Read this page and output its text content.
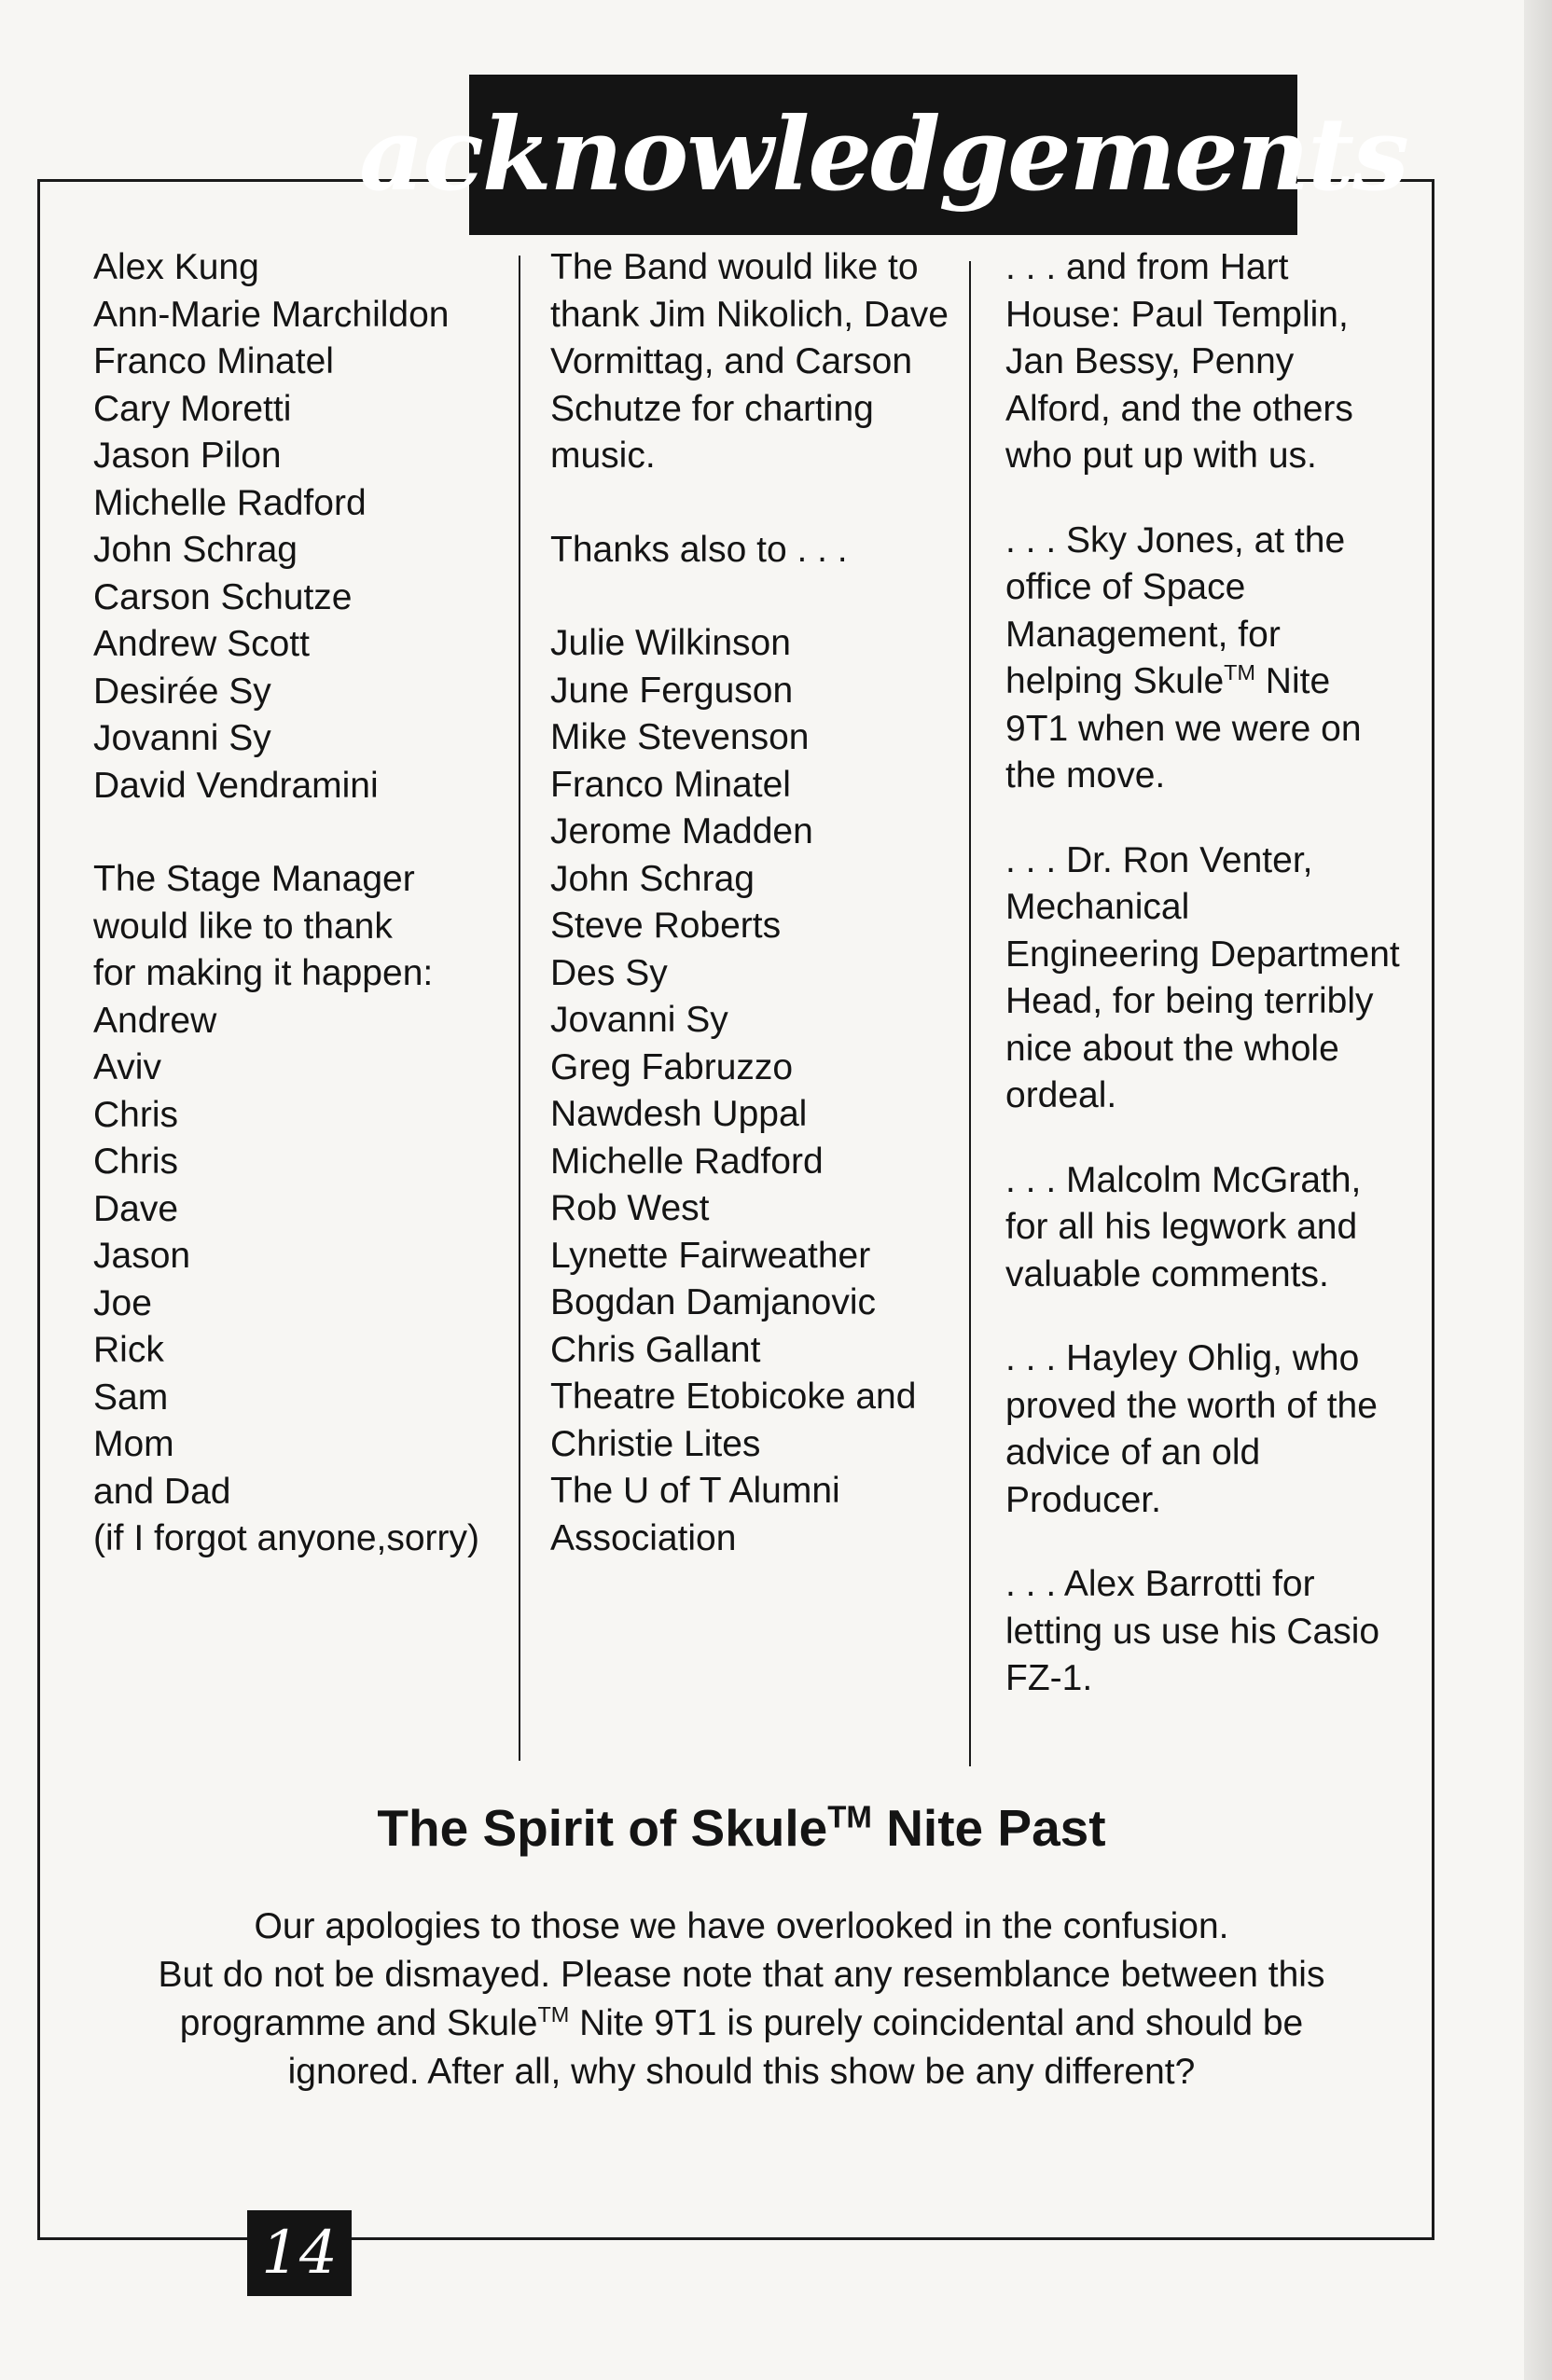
acknowledgements
Alex Kung
Ann-Marie Marchildon
Franco Minatel
Cary Moretti
Jason Pilon
Michelle Radford
John Schrag
Carson Schutze
Andrew Scott
Desirée Sy
Jovanni Sy
David Vendramini
The Stage Manager
would like to thank
for making it happen:
Andrew
Aviv
Chris
Chris
Dave
Jason
Joe
Rick
Sam
Mom
and Dad
(if I forgot anyone,sorry)
The Band would like to
thank Jim Nikolich, Dave
Vormittag, and Carson
Schutze for charting
music.
Thanks also to . . .
Julie Wilkinson
June Ferguson
Mike Stevenson
Franco Minatel
Jerome Madden
John Schrag
Steve Roberts
Des Sy
Jovanni Sy
Greg Fabruzzo
Nawdesh Uppal
Michelle Radford
Rob West
Lynette Fairweather
Bogdan Damjanovic
Chris Gallant
Theatre Etobicoke and
Christie Lites
The U of T Alumni
Association
. . . and from Hart
House: Paul Templin,
Jan Bessy, Penny
Alford, and the others
who put up with us.
. . . Sky Jones, at the
office of Space
Management, for
helping Skule™ Nite
9T1 when we were on
the move.
. . . Dr. Ron Venter,
Mechanical
Engineering Department
Head, for being terribly
nice about the whole
ordeal.
. . . Malcolm McGrath,
for all his legwork and
valuable comments.
. . . Hayley Ohlig, who
proved the worth of the
advice of an old
Producer.
. . . Alex Barrotti for
letting us use his Casio
FZ-1.
The Spirit of Skule™ Nite Past
Our apologies to those we have overlooked in the confusion.
But do not be dismayed. Please note that any resemblance between this
programme and Skule™ Nite 9T1 is purely coincidental and should be
ignored. After all, why should this show be any different?
14
